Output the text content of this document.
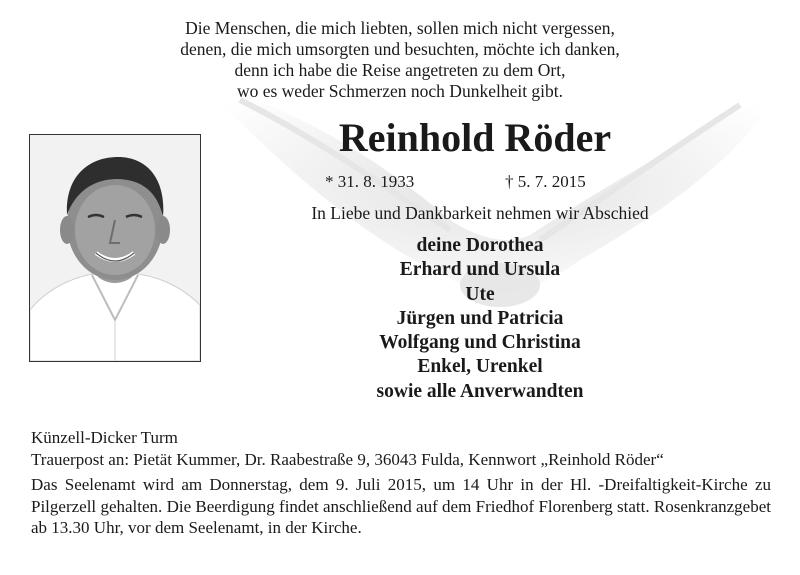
Die Menschen, die mich liebten, sollen mich nicht vergessen,
denen, die mich umsorgten und besuchten, möchte ich danken,
denn ich habe die Reise angetreten zu dem Ort,
wo es weder Schmerzen noch Dunkelheit gibt.
Reinhold Röder
* 31. 8. 1933	† 5. 7. 2015
In Liebe und Dankbarkeit nehmen wir Abschied
deine Dorothea
Erhard und Ursula
Ute
Jürgen und Patricia
Wolfgang und Christina
Enkel, Urenkel
sowie alle Anverwandten
Künzell-Dicker Turm
Trauerpost an: Pietät Kummer, Dr. Raabestraße 9, 36043 Fulda, Kennwort „Reinhold Röder“
Das Seelenamt wird am Donnerstag, dem 9. Juli 2015, um 14 Uhr in der Hl. -Dreifaltigkeit-Kirche zu Pilgerzell gehalten. Die Beerdigung findet anschließend auf dem Friedhof Florenberg statt. Rosenkranzgebet ab 13.30 Uhr, vor dem Seelenamt, in der Kirche.
